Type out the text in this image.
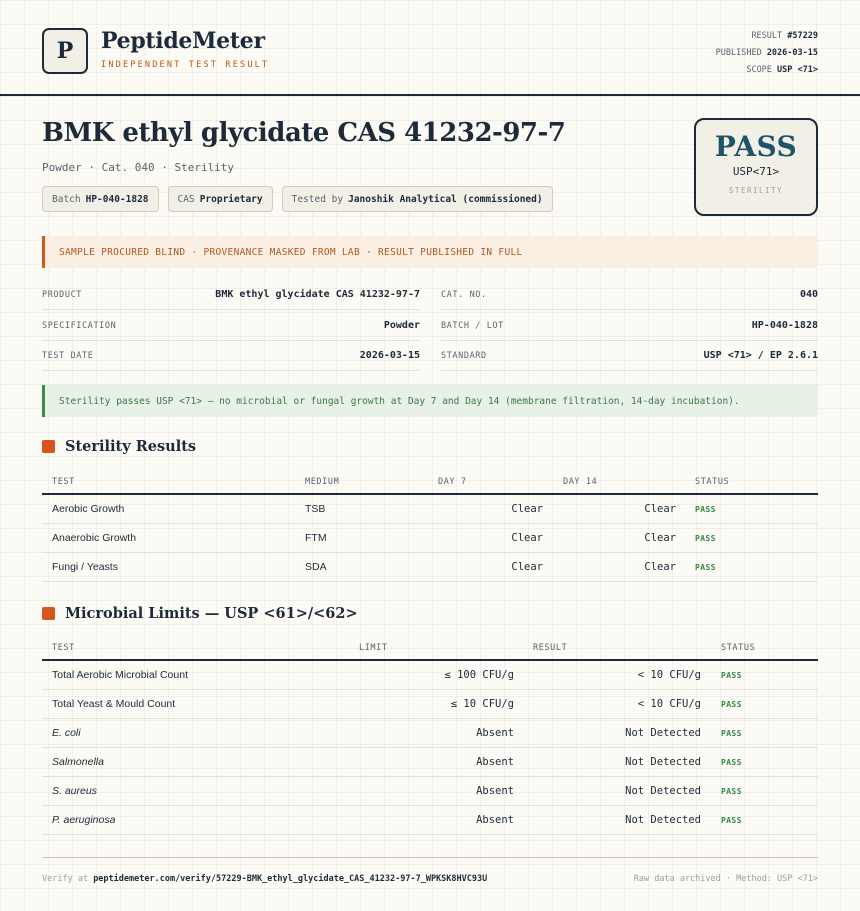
P	PeptideMeter
INDEPENDENT TEST RESULT
RESULT #57229
PUBLISHED 2026-03-15
SCOPE USP <71>
BMK ethyl glycidate CAS 41232-97-7
Powder · Cat. 040 · Sterility
Batch HP-040-1828	CAS Proprietary	Tested by Janoshik Analytical (commissioned)
PASS
USP<71>
STERILITY
SAMPLE PROCURED BLIND · PROVENANCE MASKED FROM LAB · RESULT PUBLISHED IN FULL
PRODUCT	BMK ethyl glycidate CAS 41232-97-7
SPECIFICATION	Powder
TEST DATE	2026-03-15
CAT. NO.	040
BATCH / LOT	HP-040-1828
STANDARD	USP <71> / EP 2.6.1
Sterility passes USP <71> — no microbial or fungal growth at Day 7 and Day 14 (membrane filtration, 14-day incubation).
Sterility Results
TEST	MEDIUM	DAY 7	DAY 14	STATUS
Aerobic Growth	TSB	Clear	Clear PASS
Anaerobic Growth	FTM	Clear	Clear PASS
Fungi / Yeasts	SDA	Clear	Clear PASS
Microbial Limits — USP <61>/<62>
TEST	LIMIT	RESULT	STATUS
Total Aerobic Microbial Count	≤ 100 CFU/g	< 10 CFU/g	PASS
Total Yeast & Mould Count	≤ 10 CFU/g	< 10 CFU/g	PASS
E. coli	Absent	Not Detected	PASS
Salmonella	Absent	Not Detected	PASS
S. aureus	Absent	Not Detected	PASS
P. aeruginosa	Absent	Not Detected	PASS
Verify at peptidemeter.com/verify/57229-BMK_ethyl_glycidate_CAS_41232-97-7_WPKSK8HVC93U	Raw data archived · Method: USP <71>
